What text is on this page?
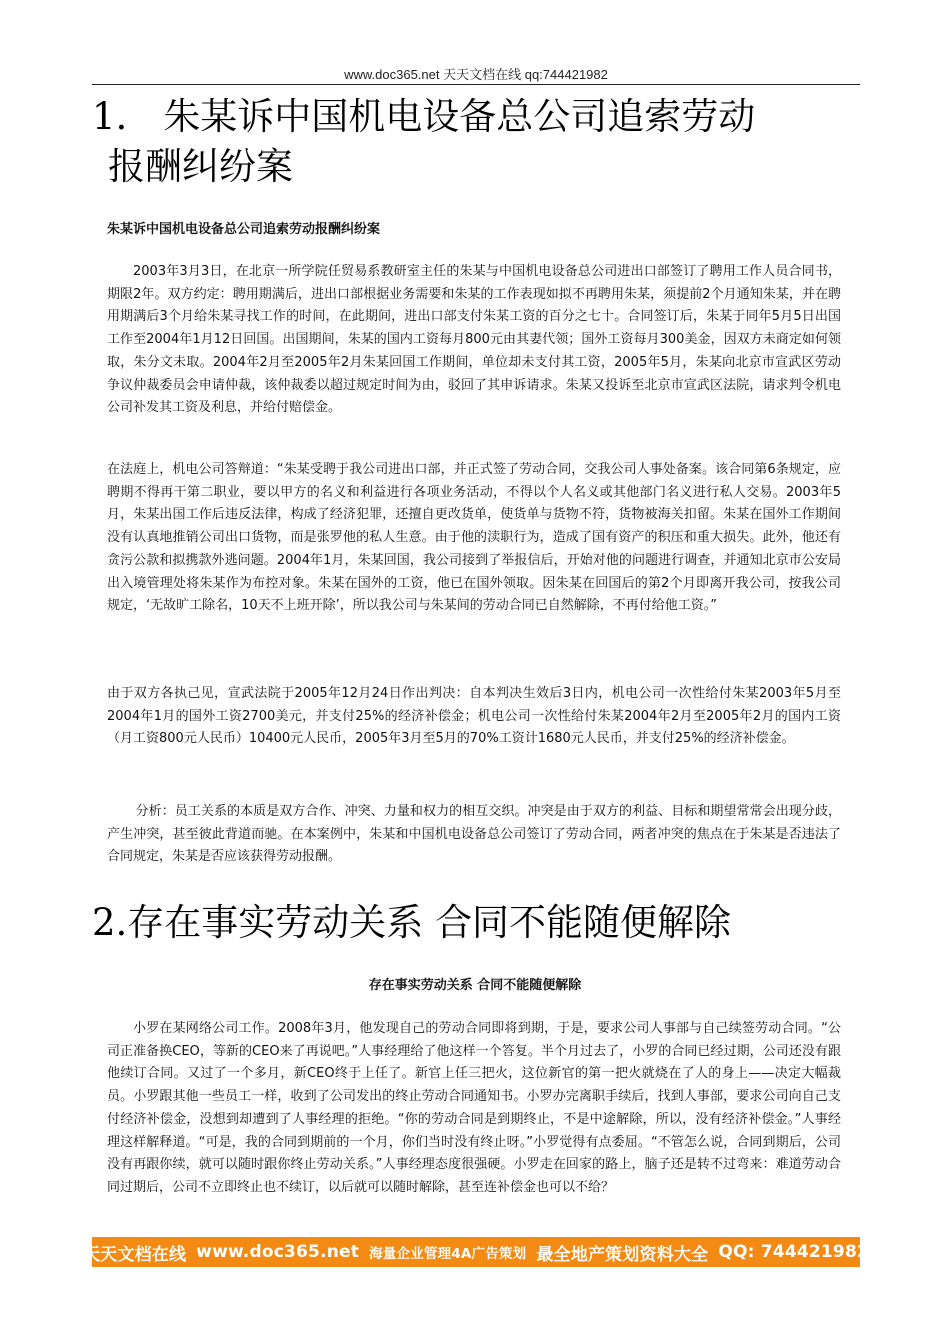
www.doc365.net 天天文档在线 qq:744421982
1. 朱某诉中国机电设备总公司追索劳动
报酬纠纷案
朱某诉中国机电设备总公司追索劳动报酬纠纷案

2003年3月3日，在北京一所学院任贸易系教研室主任的朱某与中国机电设备总公司进出口部签订了聘用工作人员合同书，期限2年。双方约定：聘用期满后，进出口部根据业务需要和朱某的工作表现如拟不再聘用朱某，须提前2个月通知朱某，并在聘用期满后3个月给朱某寻找工作的时间，在此期间，进出口部支付朱某工资的百分之七十。合同签订后，朱某于同年5月5日出国工作至2004年1月12日回国。出国期间，朱某的国内工资每月800元由其妻代领；国外工资每月300美金，因双方未商定如何领取，朱分文未取。2004年2月至2005年2月朱某回国工作期间，单位却未支付其工资，2005年5月，朱某向北京市宣武区劳动争议仲裁委员会申请仲裁，该仲裁委以超过规定时间为由，驳回了其申诉请求。朱某又投诉至北京市宣武区法院，请求判令机电公司补发其工资及利息，并给付赔偿金。

在法庭上，机电公司答辩道：“朱某受聘于我公司进出口部，并正式签了劳动合同，交我公司人事处备案。该合同第6条规定，应聘期不得再干第二职业，要以甲方的名义和利益进行各项业务活动，不得以个人名义或其他部门名义进行私人交易。2003年5月，朱某出国工作后违反法律，构成了经济犯罪，还擅自更改货单，使货单与货物不符，货物被海关扣留。朱某在国外工作期间没有认真地推销公司出口货物，而是张罗他的私人生意。由于他的渎职行为，造成了国有资产的积压和重大损失。此外，他还有贪污公款和拟携款外逃问题。2004年1月，朱某回国，我公司接到了举报信后，开始对他的问题进行调查，并通知北京市公安局出入境管理处将朱某作为布控对象。朱某在国外的工资，他已在国外领取。因朱某在回国后的第2个月即离开我公司，按我公司规定，‘无故旷工除名，10天不上班开除’，所以我公司与朱某间的劳动合同已自然解除，不再付给他工资。”

由于双方各执己见，宣武法院于2005年12月24日作出判决：自本判决生效后3日内，机电公司一次性给付朱某2003年5月至2004年1月的国外工资2700美元，并支付25%的经济补偿金；机电公司一次性给付朱某2004年2月至2005年2月的国内工资（月工资800元人民币）10400元人民币，2005年3月至5月的70%工资计1680元人民币，并支付25%的经济补偿金。

分析：员工关系的本质是双方合作、冲突、力量和权力的相互交织。冲突是由于双方的利益、目标和期望常常会出现分歧，产生冲突，甚至彼此背道而驰。在本案例中，朱某和中国机电设备总公司签订了劳动合同，两者冲突的焦点在于朱某是否违法了合同规定，朱某是否应该获得劳动报酬。

2.存在事实劳动关系 合同不能随便解除
存在事实劳动关系 合同不能随便解除

小罗在某网络公司工作。2008年3月，他发现自己的劳动合同即将到期，于是，要求公司人事部与自己续签劳动合同。“公司正准备换CEO，等新的CEO来了再说吧。”人事经理给了他这样一个答复。半个月过去了，小罗的合同已经过期，公司还没有跟他续订合同。又过了一个多月，新CEO终于上任了。新官上任三把火，这位新官的第一把火就烧在了人的身上——决定大幅裁员。小罗跟其他一些员工一样，收到了公司发出的终止劳动合同通知书。小罗办完离职手续后，找到人事部，要求公司向自己支付经济补偿金，没想到却遭到了人事经理的拒绝。“你的劳动合同是到期终止，不是中途解除，所以，没有经济补偿金。”人事经理这样解释道。“可是，我的合同到期前的一个月，你们当时没有终止呀。”小罗觉得有点委屈。“不管怎么说，合同到期后，公司没有再跟你续，就可以随时跟你终止劳动关系。”人事经理态度很强硬。小罗走在回家的路上，脑子还是转不过弯来：难道劳动合同过期后，公司不立即终止也不续订，以后就可以随时解除，甚至连补偿金也可以不给？

天天文档在线 www.doc365.net 海量企业管理4A广告策划 最全地产策划资料大全 QQ: 744421982
